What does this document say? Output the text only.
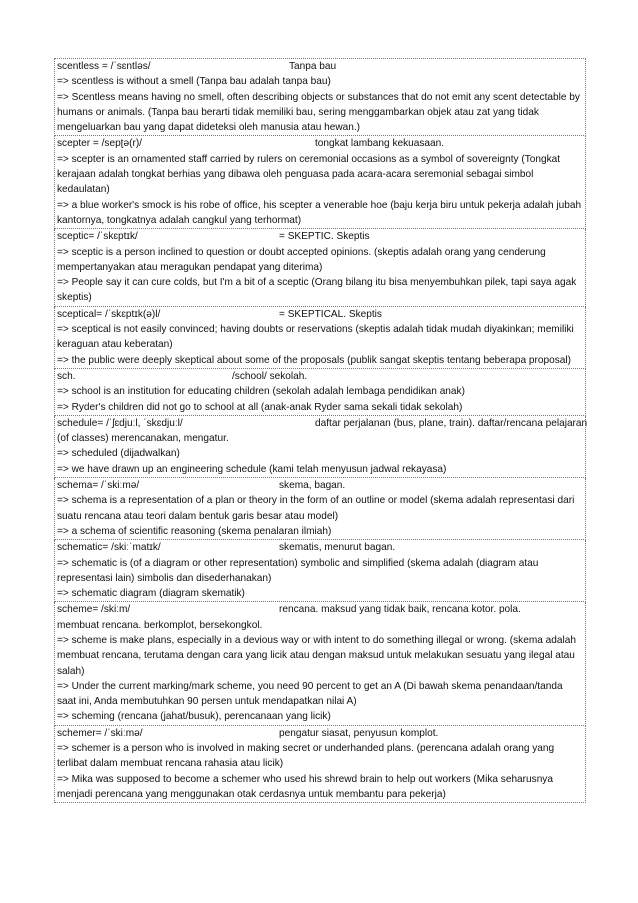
scentless = /ˈsɛntləs/	Tanpa bau
=> scentless is without a smell (Tanpa bau adalah tanpa bau)
=> Scentless means having no smell, often describing objects or substances that do not emit any scent detectable by humans or animals. (Tanpa bau berarti tidak memiliki bau, sering menggambarkan objek atau zat yang tidak mengeluarkan bau yang dapat dideteksi oleh manusia atau hewan.)
scepter = /sepʈə(r)/	tongkat lambang kekuasaan.
=> scepter is an ornamented staff carried by rulers on ceremonial occasions as a symbol of sovereignty (Tongkat kerajaan adalah tongkat berhias yang dibawa oleh penguasa pada acara-acara seremonial sebagai simbol kedaulatan)
=> a blue worker's smock is his robe of office, his scepter a venerable hoe (baju kerja biru untuk pekerja adalah jubah kantornya, tongkatnya adalah cangkul yang terhormat)
sceptic= /ˈskɛptɪk/	= SKEPTIC. Skeptis
=> sceptic is a person inclined to question or doubt accepted opinions. (skeptis adalah orang yang cenderung mempertanyakan atau meragukan pendapat yang diterima)
=> People say it can cure colds, but I'm a bit of a sceptic (Orang bilang itu bisa menyembuhkan pilek, tapi saya agak skeptis)
sceptical= /ˈskɛptɪk(ə)l/	= SKEPTICAL. Skeptis
=> sceptical is not easily convinced; having doubts or reservations (skeptis adalah tidak mudah diyakinkan; memiliki keraguan atau keberatan)
=> the public were deeply skeptical about some of the proposals (publik sangat skeptis tentang beberapa proposal)
sch.	/school/ sekolah.
=> school is an institution for educating children (sekolah adalah lembaga pendidikan anak)
=> Ryder's children did not go to school at all (anak-anak Ryder sama sekali tidak sekolah)
schedule= /ˈʃɛdjuːl, ˈskɛdjuːl/	daftar perjalanan (bus, plane, train). daftar/rencana pelajaran
(of classes) merencanakan, mengatur.
=> scheduled (dijadwalkan)
=> we have drawn up an engineering schedule (kami telah menyusun jadwal rekayasa)
schema= /ˈskiːmə/	skema, bagan.
=> schema is a representation of a plan or theory in the form of an outline or model (skema adalah representasi dari suatu rencana atau teori dalam bentuk garis besar atau model)
=> a schema of scientific reasoning (skema penalaran ilmiah)
schematic= /skiːˈmatɪk/	skematis, menurut bagan.
=> schematic is (of a diagram or other representation) symbolic and simplified (skema adalah (diagram atau representasi lain) simbolis dan disederhanakan)
=> schematic diagram (diagram skematik)
scheme= /skiːm/	rencana. maksud yang tidak baik, rencana kotor. pola.
membuat rencana. berkomplot, bersekongkol.
=> scheme is make plans, especially in a devious way or with intent to do something illegal or wrong. (skema adalah membuat rencana, terutama dengan cara yang licik atau dengan maksud untuk melakukan sesuatu yang ilegal atau salah)
=> Under the current marking/mark scheme, you need 90 percent to get an A (Di bawah skema penandaan/tanda saat ini, Anda membutuhkan 90 persen untuk mendapatkan nilai A)
=> scheming (rencana (jahat/busuk), perencanaan yang licik)
schemer= /ˈskiːmə/	pengatur siasat, penyusun komplot.
=> schemer is a person who is involved in making secret or underhanded plans. (perencana adalah orang yang terlibat dalam membuat rencana rahasia atau licik)
=> Mika was supposed to become a schemer who used his shrewd brain to help out workers (Mika seharusnya menjadi perencana yang menggunakan otak cerdasnya untuk membantu para pekerja)
